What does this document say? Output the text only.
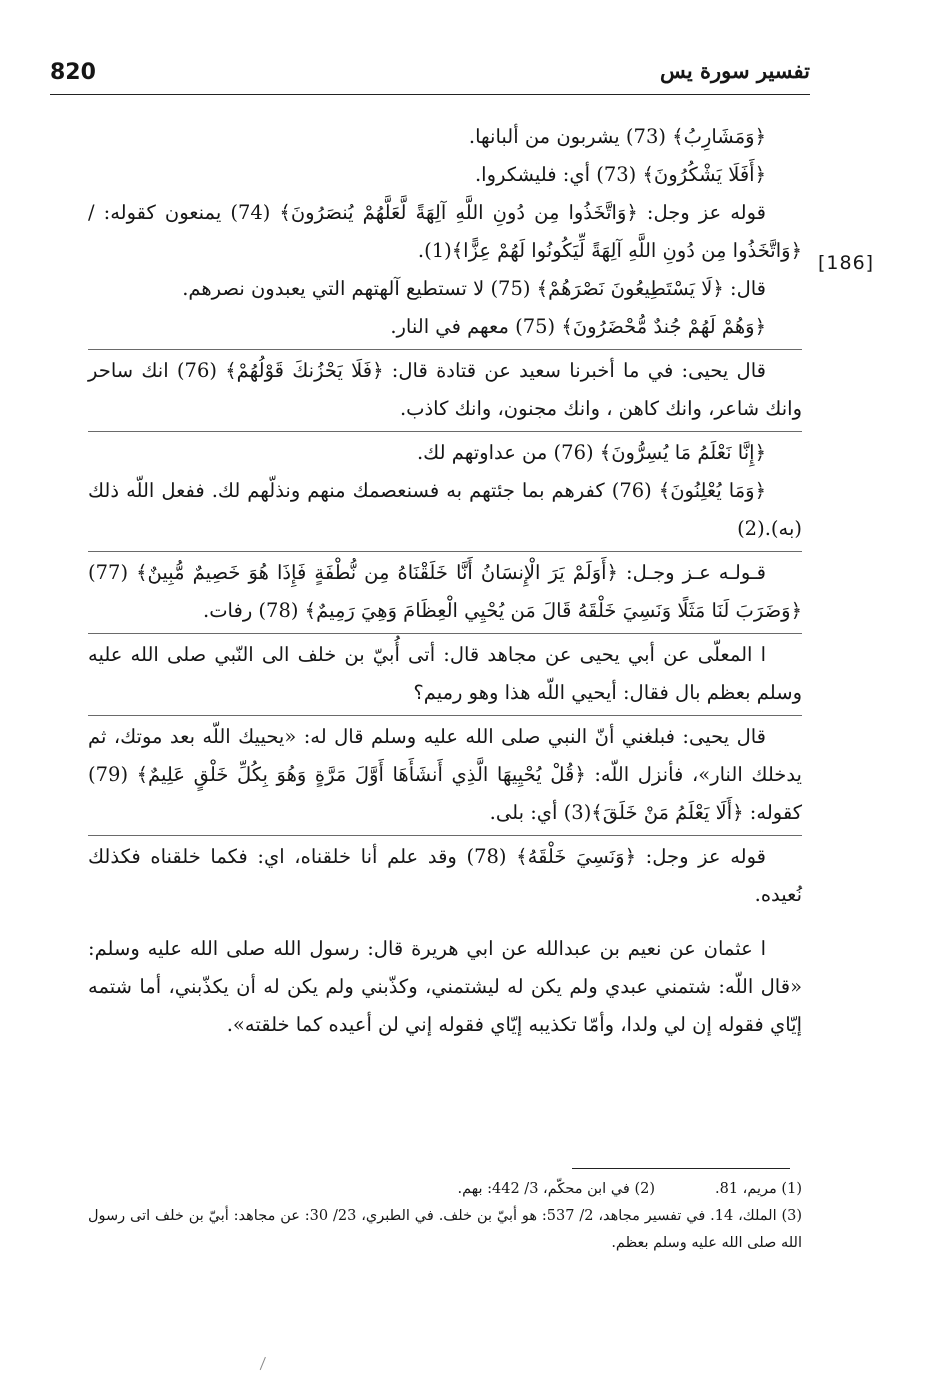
820	تفسير سورة يس
[186]

﴿وَمَشَارِبُ﴾ (73) يشربون من ألبانها.

﴿أَفَلَا يَشْكُرُونَ﴾ (73) أي: فليشكروا.

قوله عز وجل: ﴿وَاتَّخَذُوا مِن دُونِ اللَّهِ آلِهَةً لَّعَلَّهُمْ يُنصَرُونَ﴾ (74) يمنعون كقوله: / ﴿وَاتَّخَذُوا مِن دُونِ اللَّهِ آلِهَةً لِّيَكُونُوا لَهُمْ عِزًّا﴾(1).

قال: ﴿لَا يَسْتَطِيعُونَ نَصْرَهُمْ﴾ (75) لا تستطيع آلهتهم التي يعبدون نصرهم.

﴿وَهُمْ لَهُمْ جُندٌ مُّحْضَرُونَ﴾ (75) معهم في النار.

قال يحيى: في ما أخبرنا سعيد عن قتادة قال: ﴿فَلَا يَحْزُنكَ قَوْلُهُمْ﴾ (76) انك ساحر وانك شاعر، وانك كاهن ، وانك مجنون، وانك كاذب.

﴿إِنَّا نَعْلَمُ مَا يُسِرُّونَ﴾ (76) من عداوتهم لك.

﴿وَمَا يُعْلِنُونَ﴾ (76) كفرهم بما جئتهم به فسنعصمك منهم ونذلّهم لك. ففعل اللّه ذلك (به).(2)

قـولـه عـز وجـل: ﴿أَوَلَمْ يَرَ الْإِنسَانُ أَنَّا خَلَقْنَاهُ مِن نُّطْفَةٍ فَإِذَا هُوَ خَصِيمٌ مُّبِينٌ﴾ (77) ﴿وَضَرَبَ لَنَا مَثَلًا وَنَسِيَ خَلْقَهُ قَالَ مَن يُحْيِي الْعِظَامَ وَهِيَ رَمِيمٌ﴾ (78) رفات.

ا المعلّى عن أبي يحيى عن مجاهد قال: أتى أُبيّ بن خلف الى النّبي صلى الله عليه وسلم بعظم بال فقال: أيحيي اللّه هذا وهو رميم؟

قال يحيى: فبلغني أنّ النبي صلى الله عليه وسلم قال له: «يحييك اللّه بعد موتك، ثم يدخلك النار»، فأنزل اللّه: ﴿قُلْ يُحْيِيهَا الَّذِي أَنشَأَهَا أَوَّلَ مَرَّةٍ وَهُوَ بِكُلِّ خَلْقٍ عَلِيمٌ﴾ (79) كقوله: ﴿أَلَا يَعْلَمُ مَنْ خَلَقَ﴾(3) أي: بلى.

قوله عز وجل: ﴿وَنَسِيَ خَلْقَهُ﴾ (78) وقد علم أنا خلقناه، اي: فكما خلقناه فكذلك نُعيده.

ا عثمان عن نعيم بن عبدالله عن ابي هريرة قال: رسول الله صلى الله عليه وسلم: «قال اللّه: شتمني عبدي ولم يكن له ليشتمني، وكذّبني ولم يكن له أن يكذّبني، أما شتمه إيّاي فقوله إن لي ولدا، وأمّا تكذيبه إيّاي فقوله إني لن أعيده كما خلقته».

(1) مريم، 81.

(2) في ابن محكّم، 3/ 442: بهم.

(3) الملك، 14. في تفسير مجاهد، 2/ 537: هو أبيّ بن خلف. في الطبري، 23/ 30: عن مجاهد: أبيّ بن خلف اتى رسول الله صلى الله عليه وسلم بعظم.
